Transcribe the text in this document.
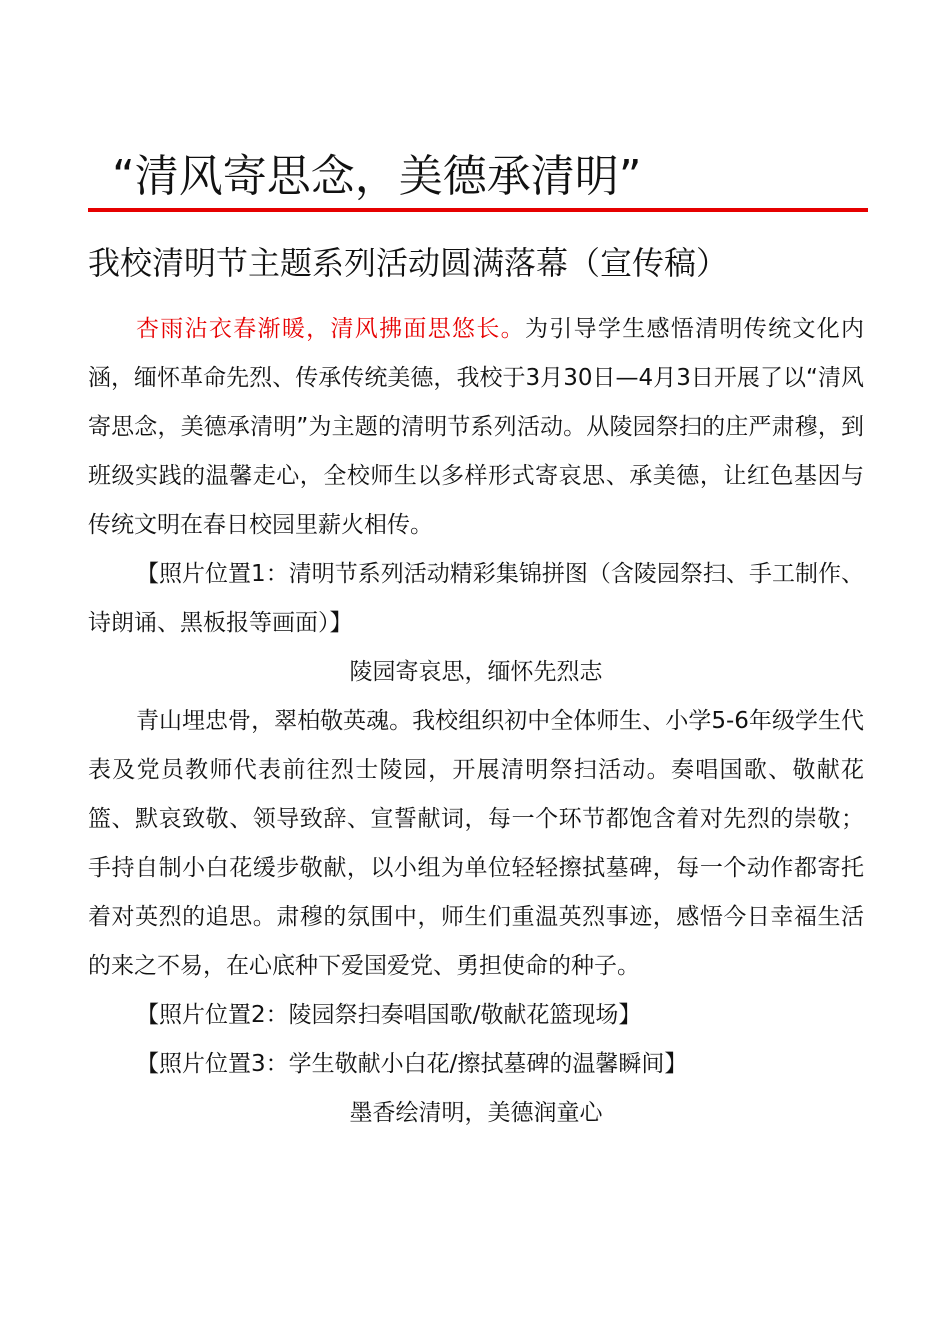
“清风寄思念，美德承清明”
我校清明节主题系列活动圆满落幕（宣传稿）

杏雨沾衣春渐暖，清风拂面思悠长。为引导学生感悟清明传统文化内涵，缅怀革命先烈、传承传统美德，我校于3月30日—4月3日开展了以“清风寄思念，美德承清明”为主题的清明节系列活动。从陵园祭扫的庄严肃穆，到班级实践的温馨走心，全校师生以多样形式寄哀思、承美德，让红色基因与传统文明在春日校园里薪火相传。

【照片位置1：清明节系列活动精彩集锦拼图（含陵园祭扫、手工制作、诗朗诵、黑板报等画面）】

陵园寄哀思，缅怀先烈志

青山埋忠骨，翠柏敬英魂。我校组织初中全体师生、小学5-6年级学生代表及党员教师代表前往烈士陵园，开展清明祭扫活动。奏唱国歌、敬献花篮、默哀致敬、领导致辞、宣誓献词，每一个环节都饱含着对先烈的崇敬；手持自制小白花缓步敬献，以小组为单位轻轻擦拭墓碑，每一个动作都寄托着对英烈的追思。肃穆的氛围中，师生们重温英烈事迹，感悟今日幸福生活的来之不易，在心底种下爱国爱党、勇担使命的种子。

【照片位置2：陵园祭扫奏唱国歌/敬献花篮现场】

【照片位置3：学生敬献小白花/擦拭墓碑的温馨瞬间】

墨香绘清明，美德润童心
